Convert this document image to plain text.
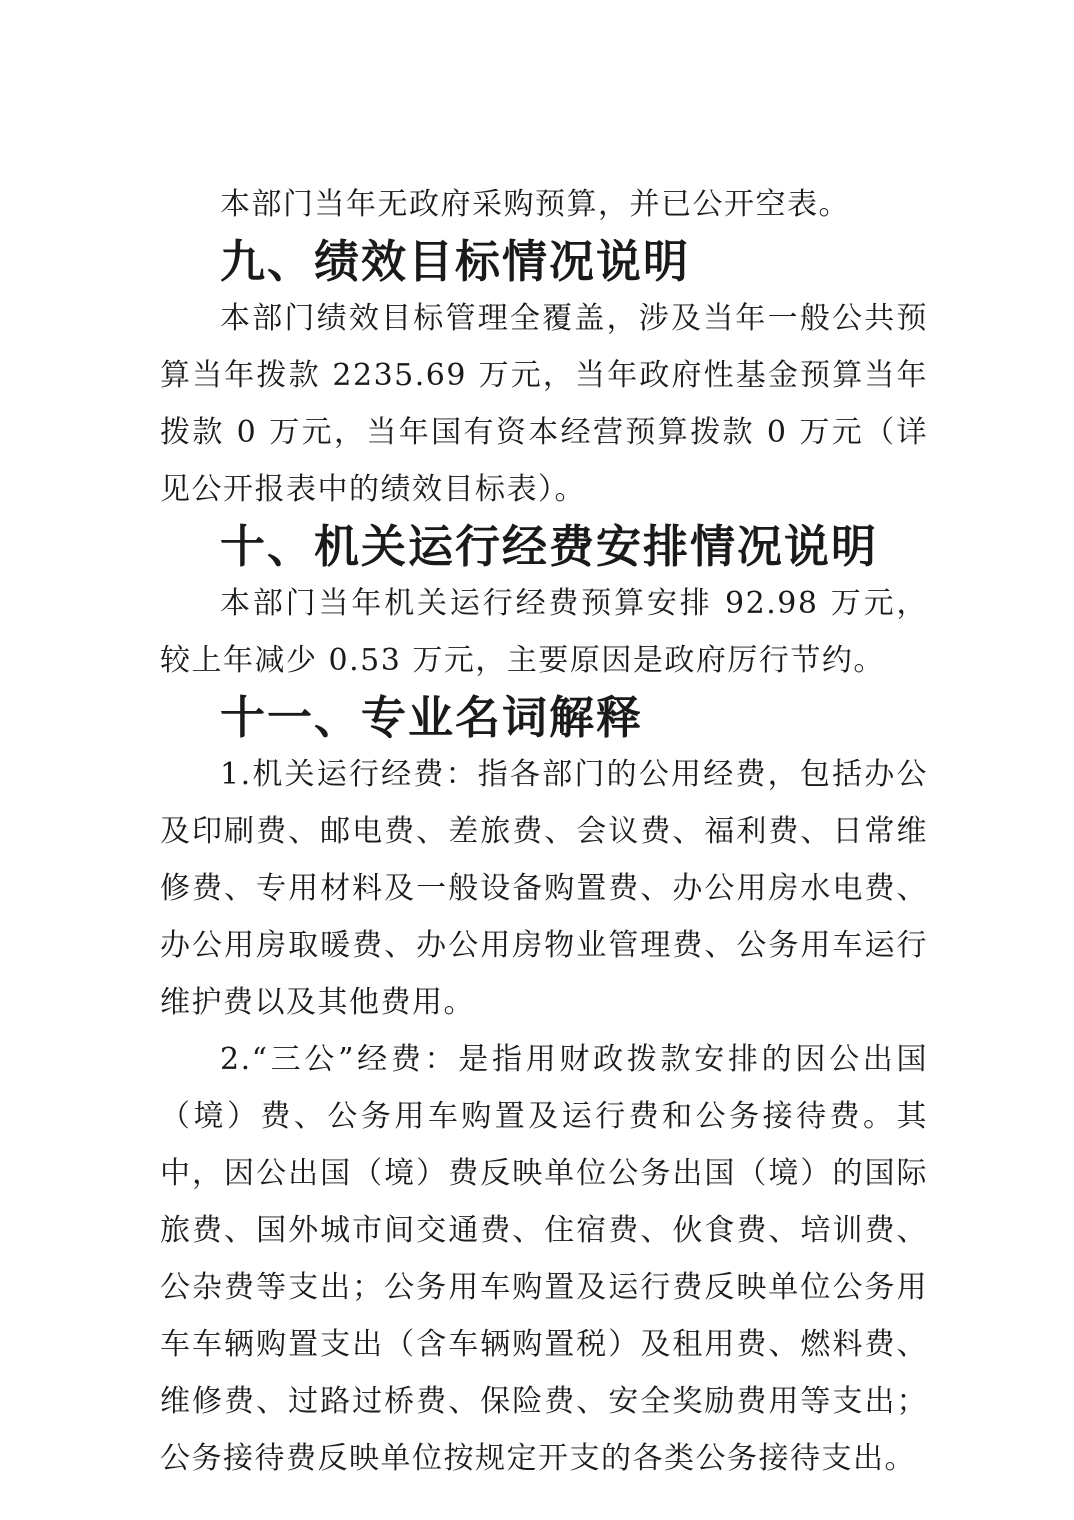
本部门当年无政府采购预算，并已公开空表。

九、绩效目标情况说明

本部门绩效目标管理全覆盖，涉及当年一般公共预算当年拨款 2235.69 万元，当年政府性基金预算当年拨款 0 万元，当年国有资本经营预算拨款 0 万元（详见公开报表中的绩效目标表）。

十、机关运行经费安排情况说明

本部门当年机关运行经费预算安排 92.98 万元，较上年减少 0.53 万元，主要原因是政府厉行节约。

十一、专业名词解释

1.机关运行经费：指各部门的公用经费，包括办公及印刷费、邮电费、差旅费、会议费、福利费、日常维修费、专用材料及一般设备购置费、办公用房水电费、办公用房取暖费、办公用房物业管理费、公务用车运行维护费以及其他费用。

2.“三公”经费：是指用财政拨款安排的因公出国（境）费、公务用车购置及运行费和公务接待费。其中，因公出国（境）费反映单位公务出国（境）的国际旅费、国外城市间交通费、住宿费、伙食费、培训费、公杂费等支出；公务用车购置及运行费反映单位公务用车车辆购置支出（含车辆购置税）及租用费、燃料费、维修费、过路过桥费、保险费、安全奖励费用等支出；公务接待费反映单位按规定开支的各类公务接待支出。
